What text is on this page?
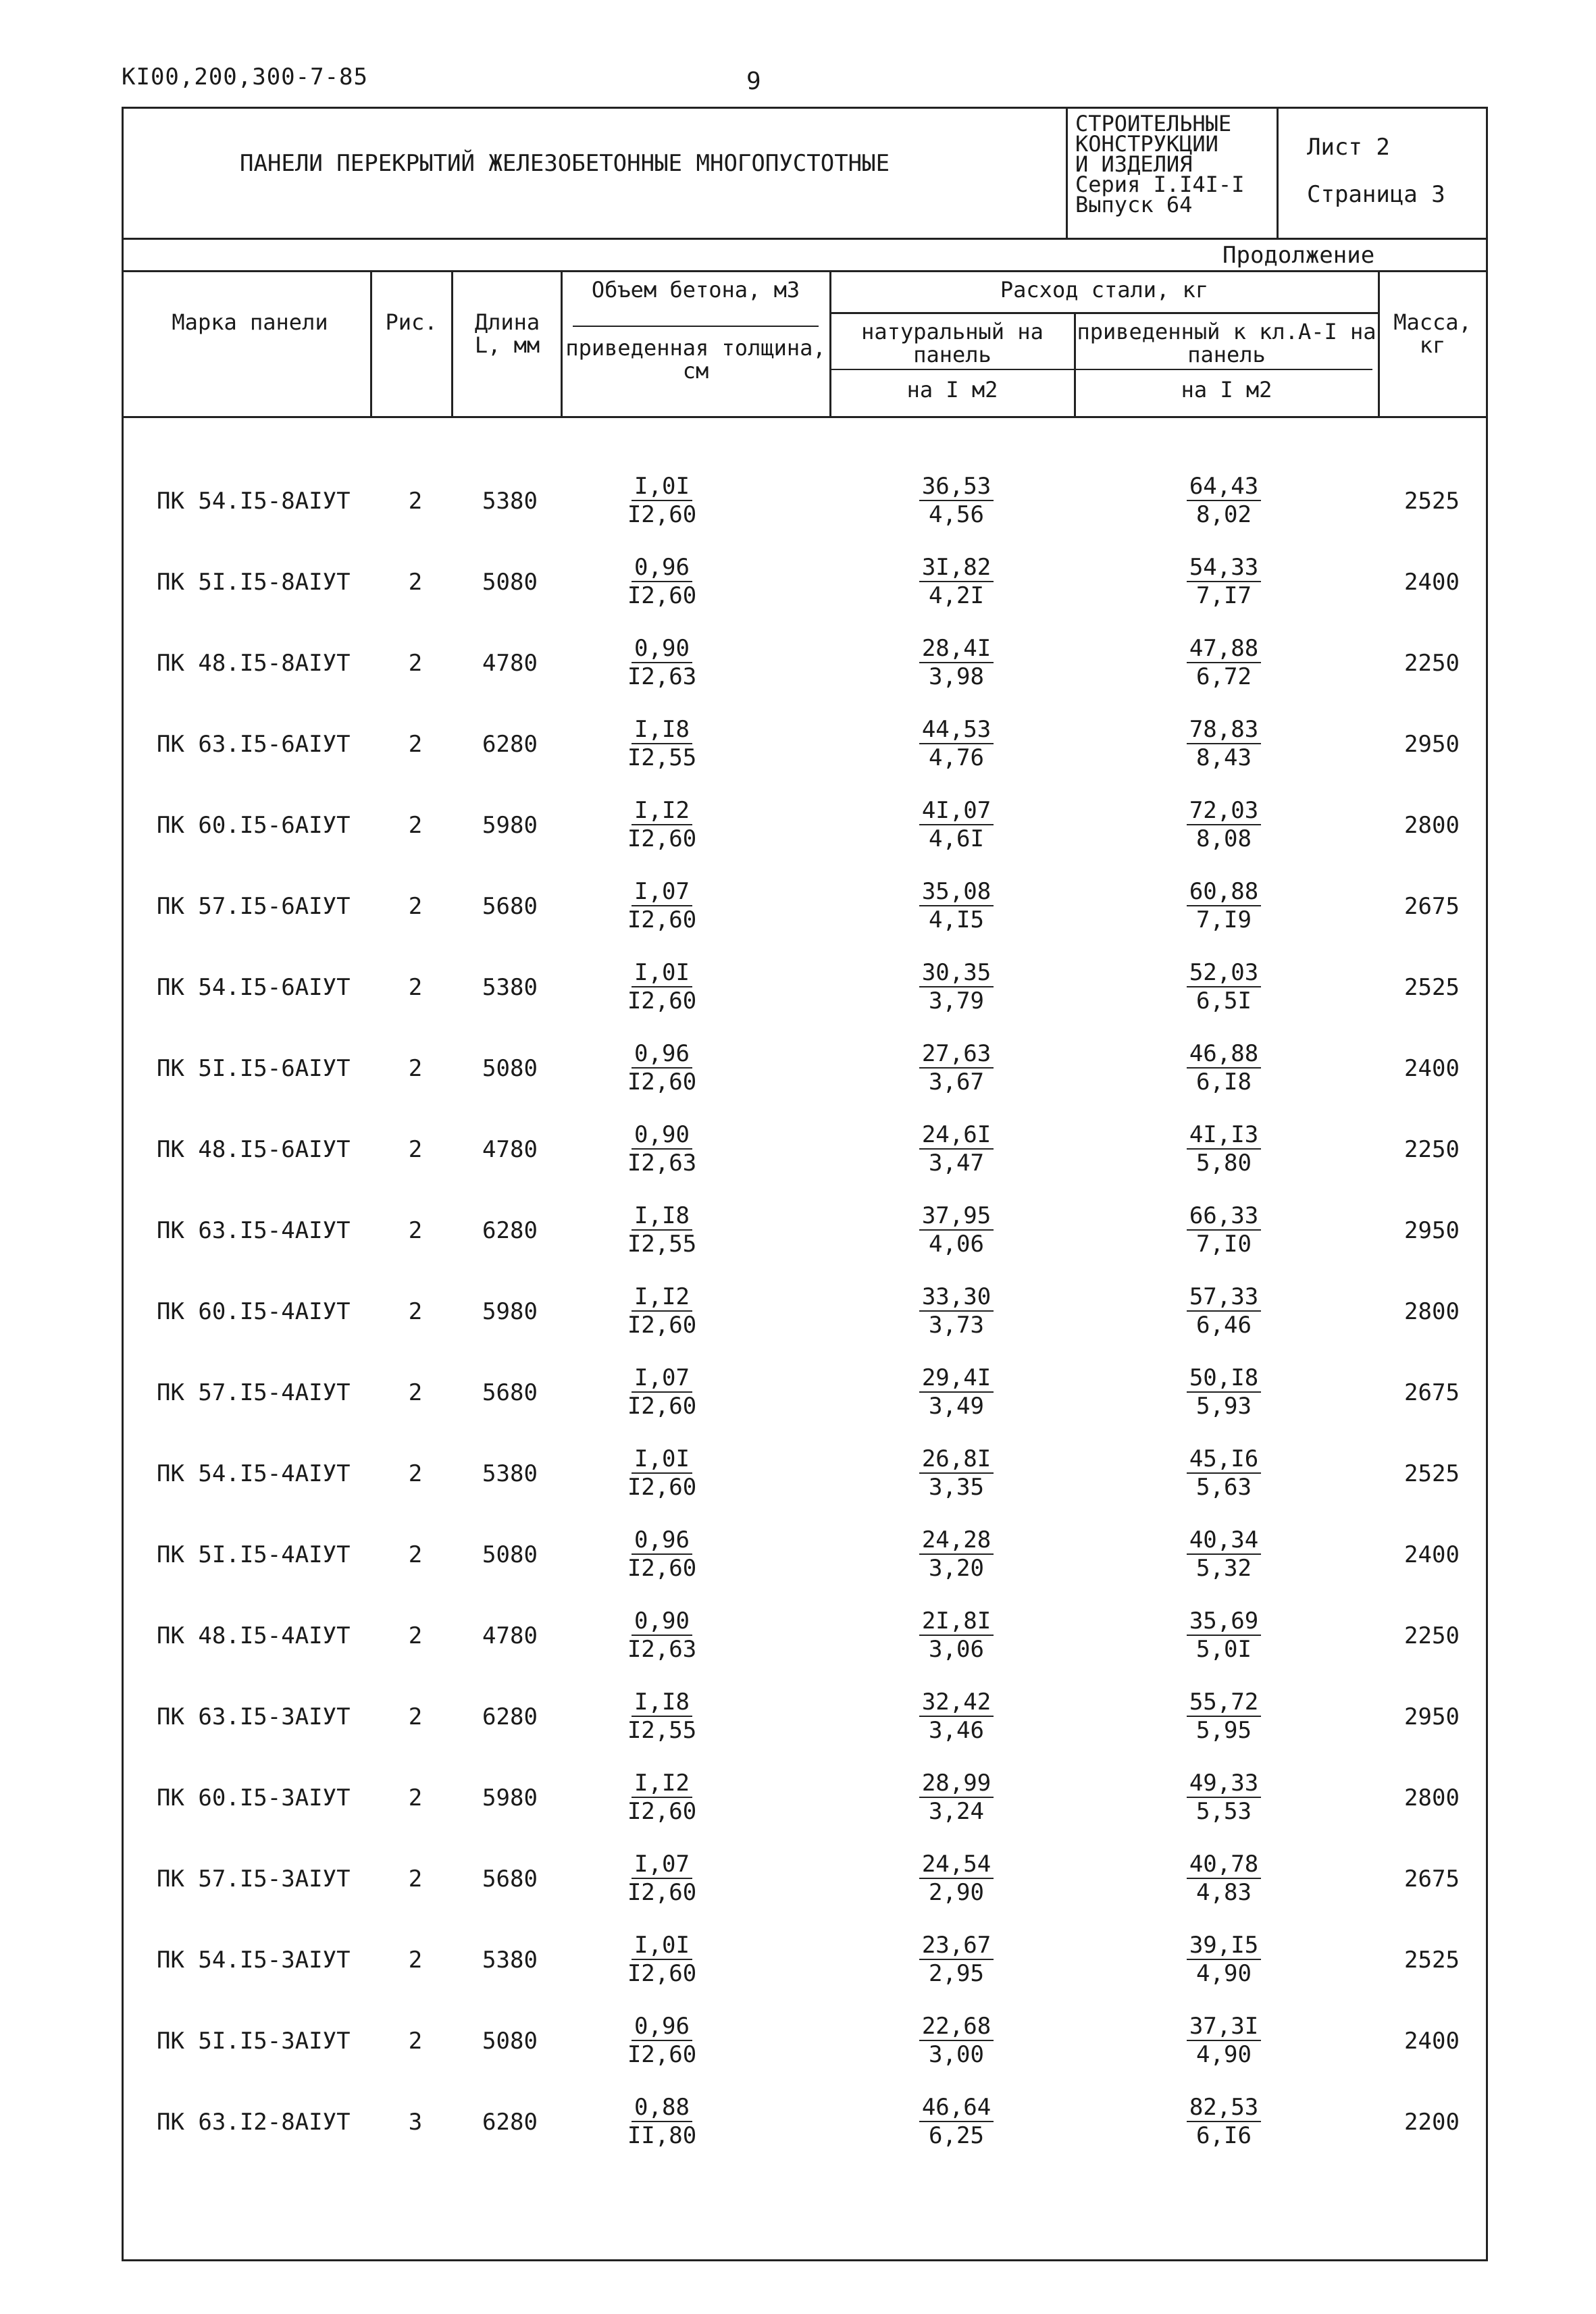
КI00,200,300-7-85	9
ПАНЕЛИ ПЕРЕКРЫТИЙ ЖЕЛЕЗОБЕТОННЫЕ МНОГОПУСТОТНЫЕ
СТРОИТЕЛЬНЫЕ
КОНСТРУКЦИИ
И ИЗДЕЛИЯ
Серия I.I4I-I
Выпуск 64
Лист 2
Страница 3
Продолжение
Марка панели	Рис.	Длина L, мм
Объем бетона, м3
приведенная толщина, см
Расход стали, кг
натуральный на панель
приведенный к кл.А-I на панель
на I м2	на I м2
Масса, кг
ПК 54.I5-8АIУТ	2	5380	$\frac{I,0I}{I2,60}$	$\frac{36,53}{4,56}$	$\frac{64,43}{8,02}$	2525
ПК 5I.I5-8АIУТ	2	5080	$\frac{0,96}{I2,60}$	$\frac{3I,82}{4,2I}$	$\frac{54,33}{7,I7}$	2400
ПК 48.I5-8АIУТ	2	4780	$\frac{0,90}{I2,63}$	$\frac{28,4I}{3,98}$	$\frac{47,88}{6,72}$	2250
ПК 63.I5-6АIУТ	2	6280	$\frac{I,I8}{I2,55}$	$\frac{44,53}{4,76}$	$\frac{78,83}{8,43}$	2950
ПК 60.I5-6АIУТ	2	5980	$\frac{I,I2}{I2,60}$	$\frac{4I,07}{4,6I}$	$\frac{72,03}{8,08}$	2800
ПК 57.I5-6АIУТ	2	5680	$\frac{I,07}{I2,60}$	$\frac{35,08}{4,I5}$	$\frac{60,88}{7,I9}$	2675
ПК 54.I5-6АIУТ	2	5380	$\frac{I,0I}{I2,60}$	$\frac{30,35}{3,79}$	$\frac{52,03}{6,5I}$	2525
ПК 5I.I5-6АIУТ	2	5080	$\frac{0,96}{I2,60}$	$\frac{27,63}{3,67}$	$\frac{46,88}{6,I8}$	2400
ПК 48.I5-6АIУТ	2	4780	$\frac{0,90}{I2,63}$	$\frac{24,6I}{3,47}$	$\frac{4I,I3}{5,80}$	2250
ПК 63.I5-4АIУТ	2	6280	$\frac{I,I8}{I2,55}$	$\frac{37,95}{4,06}$	$\frac{66,33}{7,I0}$	2950
ПК 60.I5-4АIУТ	2	5980	$\frac{I,I2}{I2,60}$	$\frac{33,30}{3,73}$	$\frac{57,33}{6,46}$	2800
ПК 57.I5-4АIУТ	2	5680	$\frac{I,07}{I2,60}$	$\frac{29,4I}{3,49}$	$\frac{50,I8}{5,93}$	2675
ПК 54.I5-4АIУТ	2	5380	$\frac{I,0I}{I2,60}$	$\frac{26,8I}{3,35}$	$\frac{45,I6}{5,63}$	2525
ПК 5I.I5-4АIУТ	2	5080	$\frac{0,96}{I2,60}$	$\frac{24,28}{3,20}$	$\frac{40,34}{5,32}$	2400
ПК 48.I5-4АIУТ	2	4780	$\frac{0,90}{I2,63}$	$\frac{2I,8I}{3,06}$	$\frac{35,69}{5,0I}$	2250
ПК 63.I5-3АIУТ	2	6280	$\frac{I,I8}{I2,55}$	$\frac{32,42}{3,46}$	$\frac{55,72}{5,95}$	2950
ПК 60.I5-3АIУТ	2	5980	$\frac{I,I2}{I2,60}$	$\frac{28,99}{3,24}$	$\frac{49,33}{5,53}$	2800
ПК 57.I5-3АIУТ	2	5680	$\frac{I,07}{I2,60}$	$\frac{24,54}{2,90}$	$\frac{40,78}{4,83}$	2675
ПК 54.I5-3АIУТ	2	5380	$\frac{I,0I}{I2,60}$	$\frac{23,67}{2,95}$	$\frac{39,I5}{4,90}$	2525
ПК 5I.I5-3АIУТ	2	5080	$\frac{0,96}{I2,60}$	$\frac{22,68}{3,00}$	$\frac{37,3I}{4,90}$	2400
ПК 63.I2-8АIУТ	3	6280	$\frac{0,88}{II,80}$	$\frac{46,64}{6,25}$	$\frac{82,53}{6,I6}$	2200
